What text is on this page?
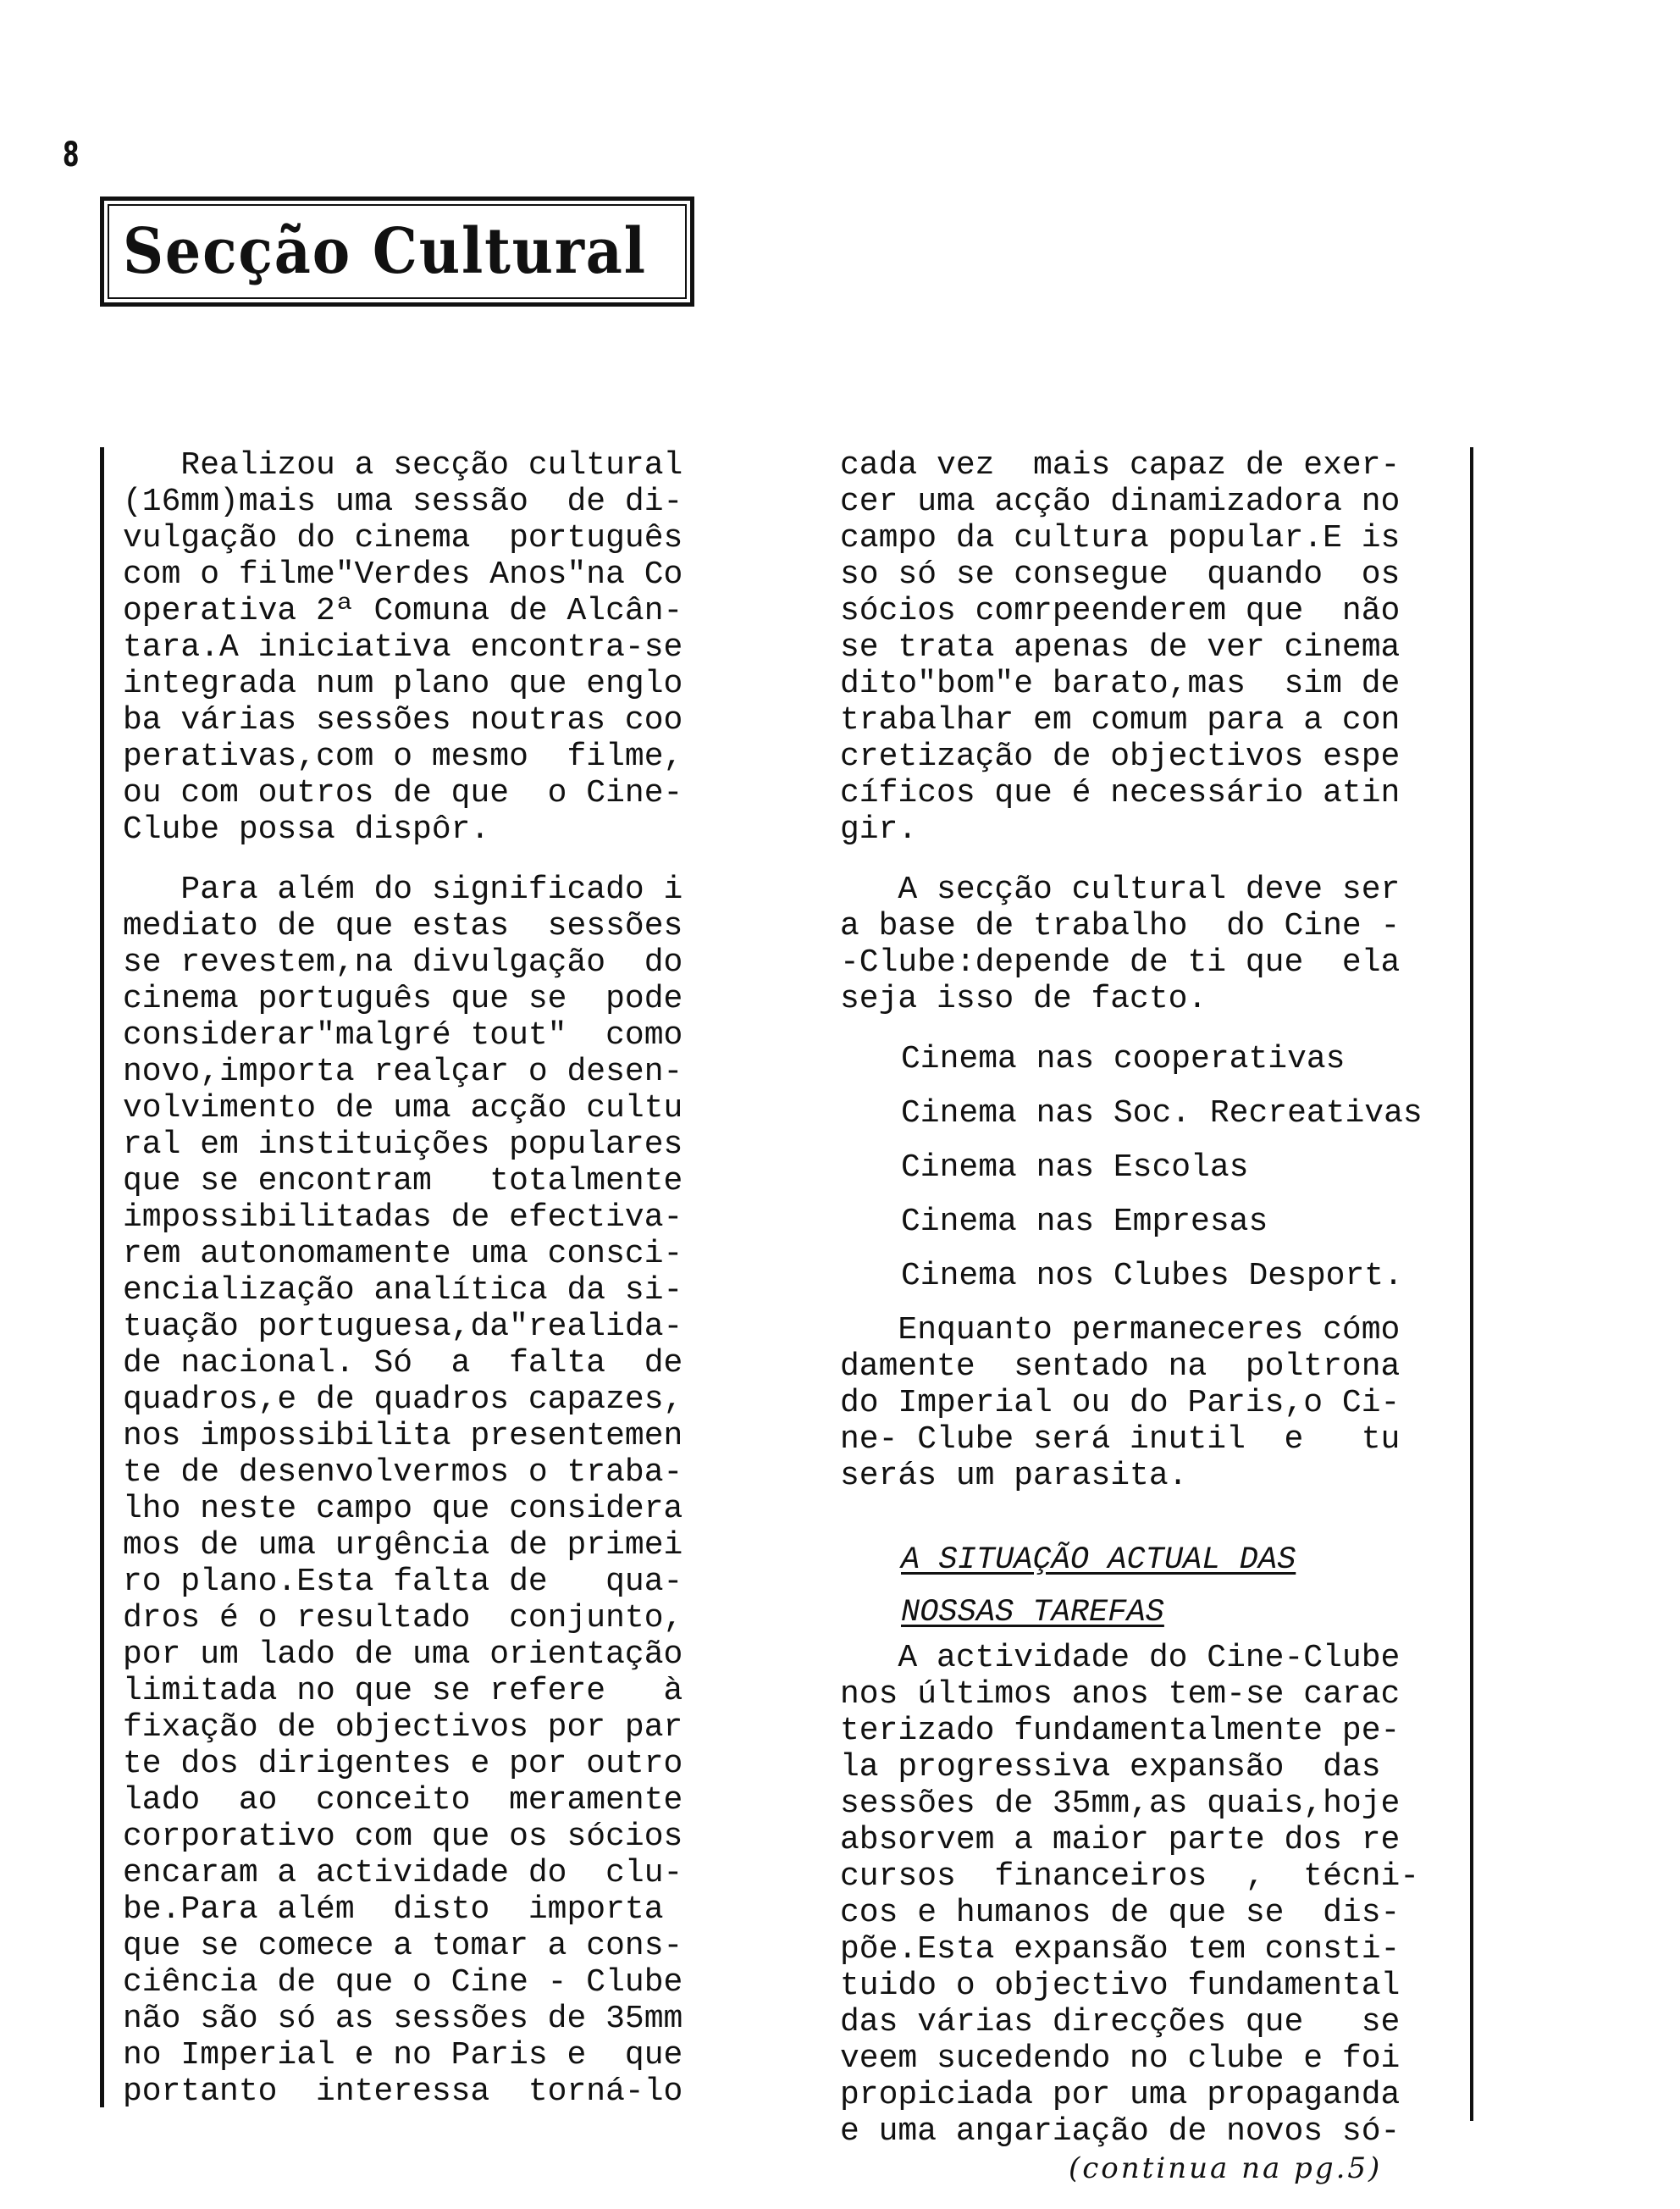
8
Secção Cultural
Realizou a secção cultural
(16mm)mais uma sessão  de di-
vulgação do cinema  português
com o filme"Verdes Anos"na Co
operativa 2ª Comuna de Alcân-
tara.A iniciativa encontra-se
integrada num plano que englo
ba várias sessões noutras coo
perativas,com o mesmo  filme,
ou com outros de que  o Cine-
Clube possa dispôr.
Para além do significado i
mediato de que estas  sessões
se revestem,na divulgação  do
cinema português que se  pode
considerar"malgré tout"  como
novo,importa realçar o desen-
volvimento de uma acção cultu
ral em instituições populares
que se encontram   totalmente
impossibilitadas de efectiva-
rem autonomamente uma consci-
encialização analítica da si-
tuação portuguesa,da"realida-
de nacional. Só  a  falta  de
quadros,e de quadros capazes,
nos impossibilita presentemen
te de desenvolvermos o traba-
lho neste campo que considera
mos de uma urgência de primei
ro plano.Esta falta de   qua-
dros é o resultado  conjunto,
por um lado de uma orientação
limitada no que se refere   à
fixação de objectivos por par
te dos dirigentes e por outro
lado  ao  conceito  meramente
corporativo com que os sócios
encaram a actividade do  clu-
be.Para além  disto  importa
que se comece a tomar a cons-
ciência de que o Cine - Clube
não são só as sessões de 35mm
no Imperial e no Paris e  que
portanto  interessa  torná-lo
cada vez  mais capaz de exer-
cer uma acção dinamizadora no
campo da cultura popular.E is
so só se consegue  quando  os
sócios comrpeenderem que  não
se trata apenas de ver cinema
dito"bom"e barato,mas  sim de
trabalhar em comum para a con
cretização de objectivos espe
cíficos que é necessário atin
gir.
A secção cultural deve ser
a base de trabalho  do Cine -
-Clube:depende de ti que  ela
seja isso de facto.
Cinema nas cooperativas
Cinema nas Soc. Recreativas
Cinema nas Escolas
Cinema nas Empresas
Cinema nos Clubes Desport.
Enquanto permaneceres cómo
damente  sentado na  poltrona
do Imperial ou do Paris,o Ci-
ne- Clube será inutil  e   tu
serás um parasita.
A SITUAÇÃO ACTUAL DAS
NOSSAS TAREFAS
A actividade do Cine-Clube
nos últimos anos tem-se carac
terizado fundamentalmente pe-
la progressiva expansão  das
sessões de 35mm,as quais,hoje
absorvem a maior parte dos re
cursos  financeiros  ,  técni-
cos e humanos de que se  dis-
põe.Esta expansão tem consti-
tuido o objectivo fundamental
das várias direcções que   se
veem sucedendo no clube e foi
propiciada por uma propaganda
e uma angariação de novos só-
(continua na pg.5)
